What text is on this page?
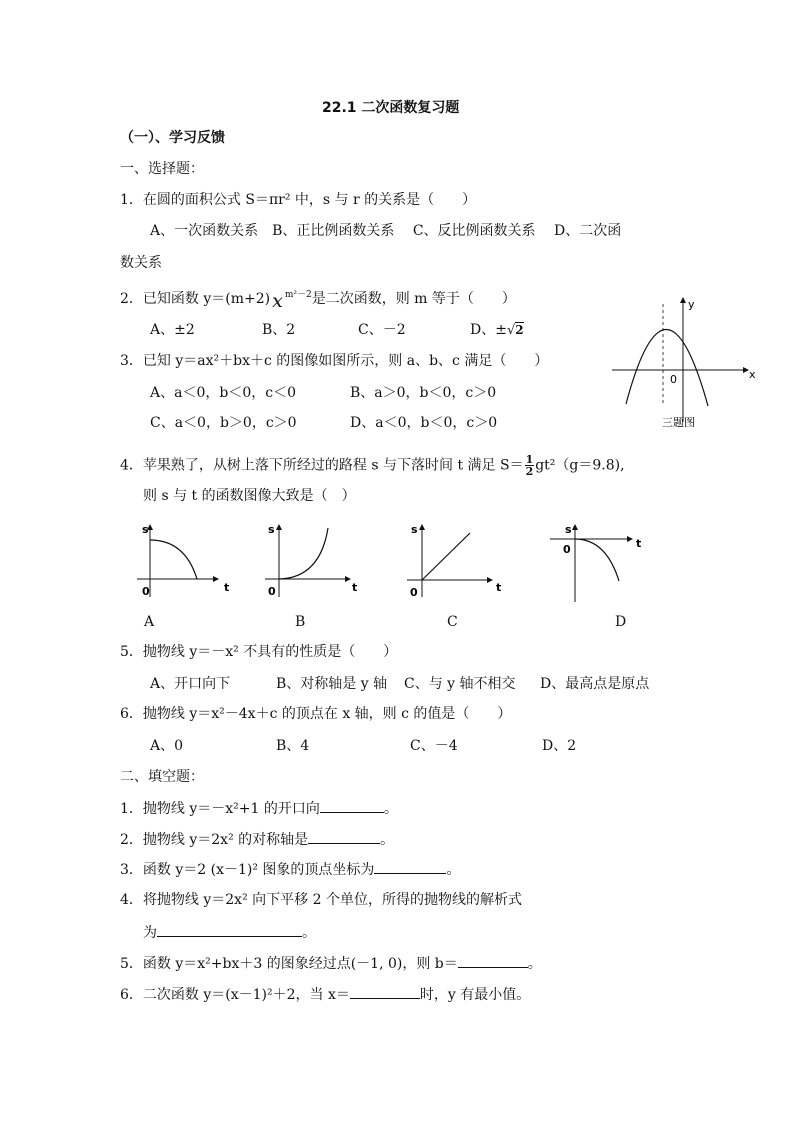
22.1 二次函数复习题
（一）、学习反馈
一、选择题：
1．在圆的面积公式 S＝πr² 中，s 与 r 的关系是（　　）
A、一次函数关系　B、正比例函数关系　 C、反比例函数关系　 D、二次函
数关系
2．已知函数 y＝(m+2) x $^{m^2-2}$是二次函数，则 m 等于（　　）
A、±2	B、2	C、－2	D、±√2
3．已知 y＝ax²＋bx＋c 的图像如图所示，则 a、b、c 满足（　　）
A、a＜0，b＜0，c＜0	B、a＞0，b＜0，c＞0
C、a＜0，b＞0，c＞0	D、a＜0，b＜0，c＞0
y
x
0
三题图
4．苹果熟了，从树上落下所经过的路程 s 与下落时间 t 满足 $S= \frac{1}{2} gt^2(g=9.8)$,
则 s 与 t 的函数图像大致是（　）
s
t
0
s
t
0
s
t
0
s
t
0
A	B	C	D
5．抛物线 y＝－x² 不具有的性质是（　　）
A、开口向下	B、对称轴是 y 轴 C、与 y 轴不相交 D、最高点是原点
6．抛物线 y＝x²－4x＋c 的顶点在 x 轴，则 c 的值是（　　）
A、0	B、4	C、－4	D、2
二、填空题：
1．抛物线 y＝－x²+1 的开口向	。
2．抛物线 y＝2x² 的对称轴是	。
3．函数 y＝2 (x－1)² 图象的顶点坐标为	。
4．将抛物线 y＝2x² 向下平移 2 个单位，所得的抛物线的解析式
为	。
5．函数 y＝x²+bx＋3 的图象经过点(－1, 0)，则 b＝	。
6．二次函数 y＝(x－1)²＋2，当 x＝	时，y 有最小值。
